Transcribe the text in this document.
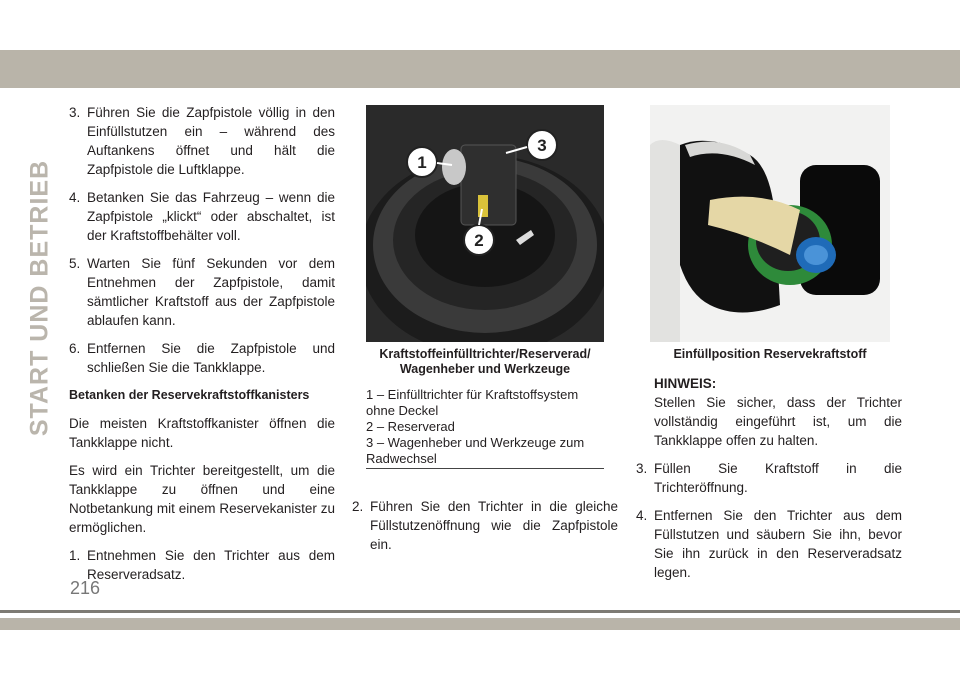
START UND BETRIEB
3. Führen Sie die Zapfpistole völlig in den Einfüllstutzen ein – während des Auftankens öffnet und hält die Zapfpistole die Luftklappe.
4. Betanken Sie das Fahrzeug – wenn die Zapfpistole „klickt“ oder abschaltet, ist der Kraftstoffbehälter voll.
5. Warten Sie fünf Sekunden vor dem Entnehmen der Zapfpistole, damit sämtlicher Kraftstoff aus der Zapfpistole ablaufen kann.
6. Entfernen Sie die Zapfpistole und schließen Sie die Tankklappe.
Betanken der Reservekraftstoffkanisters

Die meisten Kraftstoffkanister öffnen die Tankklappe nicht.

Es wird ein Trichter bereitgestellt, um die Tankklappe zu öffnen und eine Notbetankung mit einem Reservekanister zu ermöglichen.

1. Entnehmen Sie den Trichter aus dem Reserveradsatz.
1
3
2
Kraftstoffeinfülltrichter/Reserverad/ Wagenheber und Werkzeuge
1 – Einfülltrichter für Kraftstoffsystem ohne Deckel
2 – Reserverad
3 – Wagenheber und Werkzeuge zum Radwechsel
2. Führen Sie den Trichter in die gleiche Füllstutzenöffnung wie die Zapfpistole ein.
Einfüllposition Reservekraftstoff
HINWEIS:
Stellen Sie sicher, dass der Trichter vollständig eingeführt ist, um die Tankklappe offen zu halten.
3. Füllen Sie Kraftstoff in die Trichteröffnung.
4. Entfernen Sie den Trichter aus dem Füllstutzen und säubern Sie ihn, bevor Sie ihn zurück in den Reserveradsatz legen.
216
